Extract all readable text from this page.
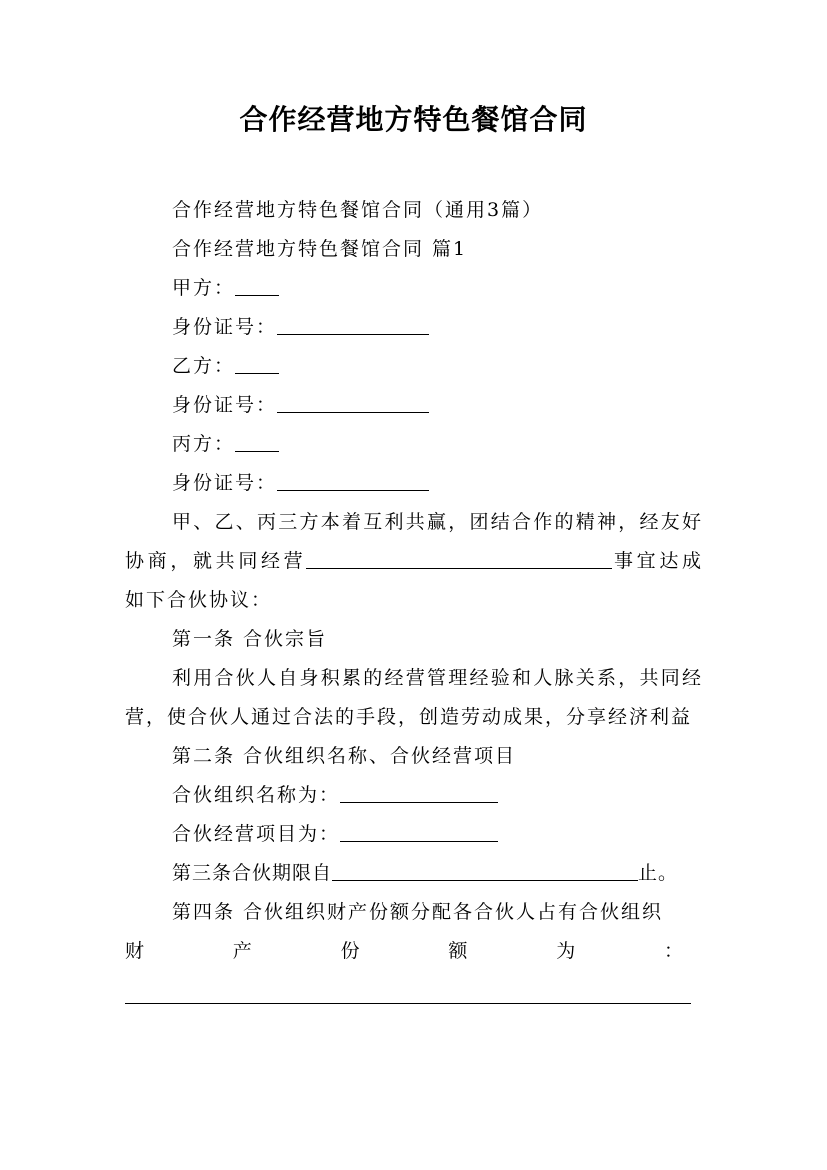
合作经营地方特色餐馆合同

合作经营地方特色餐馆合同（通用3篇）

合作经营地方特色餐馆合同 篇1

甲方：

身份证号：

乙方：

身份证号：

丙方：

身份证号：

甲、乙、丙三方本着互利共赢，团结合作的精神，经友好协商，就共同经营	事宜达成如下合伙协议：

第一条 合伙宗旨

利用合伙人自身积累的经营管理经验和人脉关系，共同经营，使合伙人通过合法的手段，创造劳动成果，分享经济利益

第二条 合伙组织名称、合伙经营项目

合伙组织名称为：

合伙经营项目为：

第三条合伙期限自	止。

第四条 合伙组织财产份额分配各合伙人占有合伙组织

财	产	份	额	为	：
